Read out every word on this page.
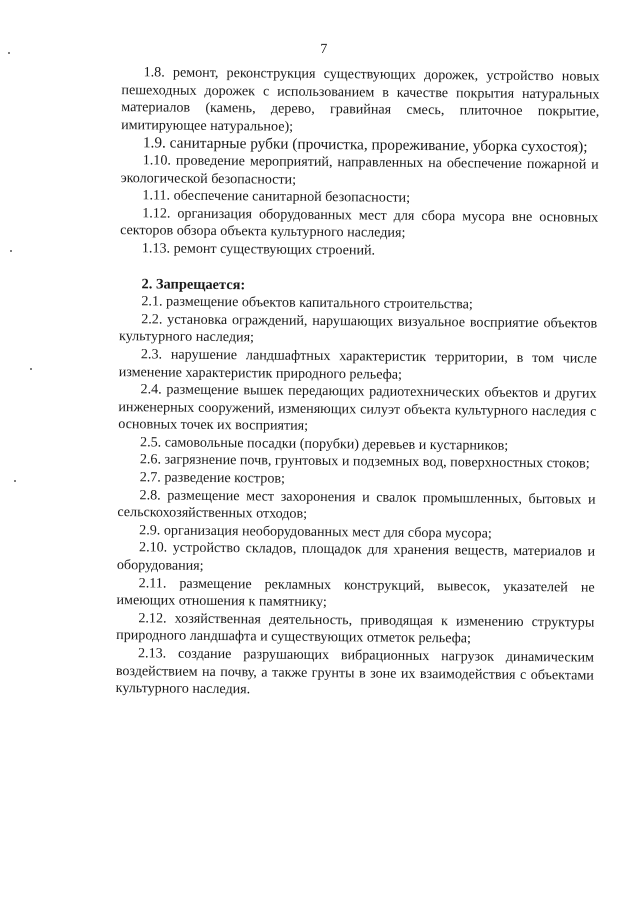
7

1.8. ремонт, реконструкция существующих дорожек, устройство новых пешеходных дорожек с использованием в качестве покрытия натуральных материалов (камень, дерево, гравийная смесь, плиточное покрытие, имитирующее натуральное);

1.9. санитарные рубки (прочистка, прореживание, уборка сухостоя);

1.10. проведение мероприятий, направленных на обеспечение пожарной и экологической безопасности;

1.11. обеспечение санитарной безопасности;

1.12. организация оборудованных мест для сбора мусора вне основных секторов обзора объекта культурного наследия;

1.13. ремонт существующих строений.

2. Запрещается:

2.1. размещение объектов капитального строительства;

2.2. установка ограждений, нарушающих визуальное восприятие объектов культурного наследия;

2.3. нарушение ландшафтных характеристик территории, в том числе изменение характеристик природного рельефа;

2.4. размещение вышек передающих радиотехнических объектов и других инженерных сооружений, изменяющих силуэт объекта культурного наследия с основных точек их восприятия;

2.5. самовольные посадки (порубки) деревьев и кустарников;

2.6. загрязнение почв, грунтовых и подземных вод, поверхностных стоков;

2.7. разведение костров;

2.8. размещение мест захоронения и свалок промышленных, бытовых и сельскохозяйственных отходов;

2.9. организация необорудованных мест для сбора мусора;

2.10. устройство складов, площадок для хранения веществ, материалов и оборудования;

2.11. размещение рекламных конструкций, вывесок, указателей не имеющих отношения к памятнику;

2.12. хозяйственная деятельность, приводящая к изменению структуры природного ландшафта и существующих отметок рельефа;

2.13. создание разрушающих вибрационных нагрузок динамическим воздействием на почву, а также грунты в зоне их взаимодействия с объектами культурного наследия.
